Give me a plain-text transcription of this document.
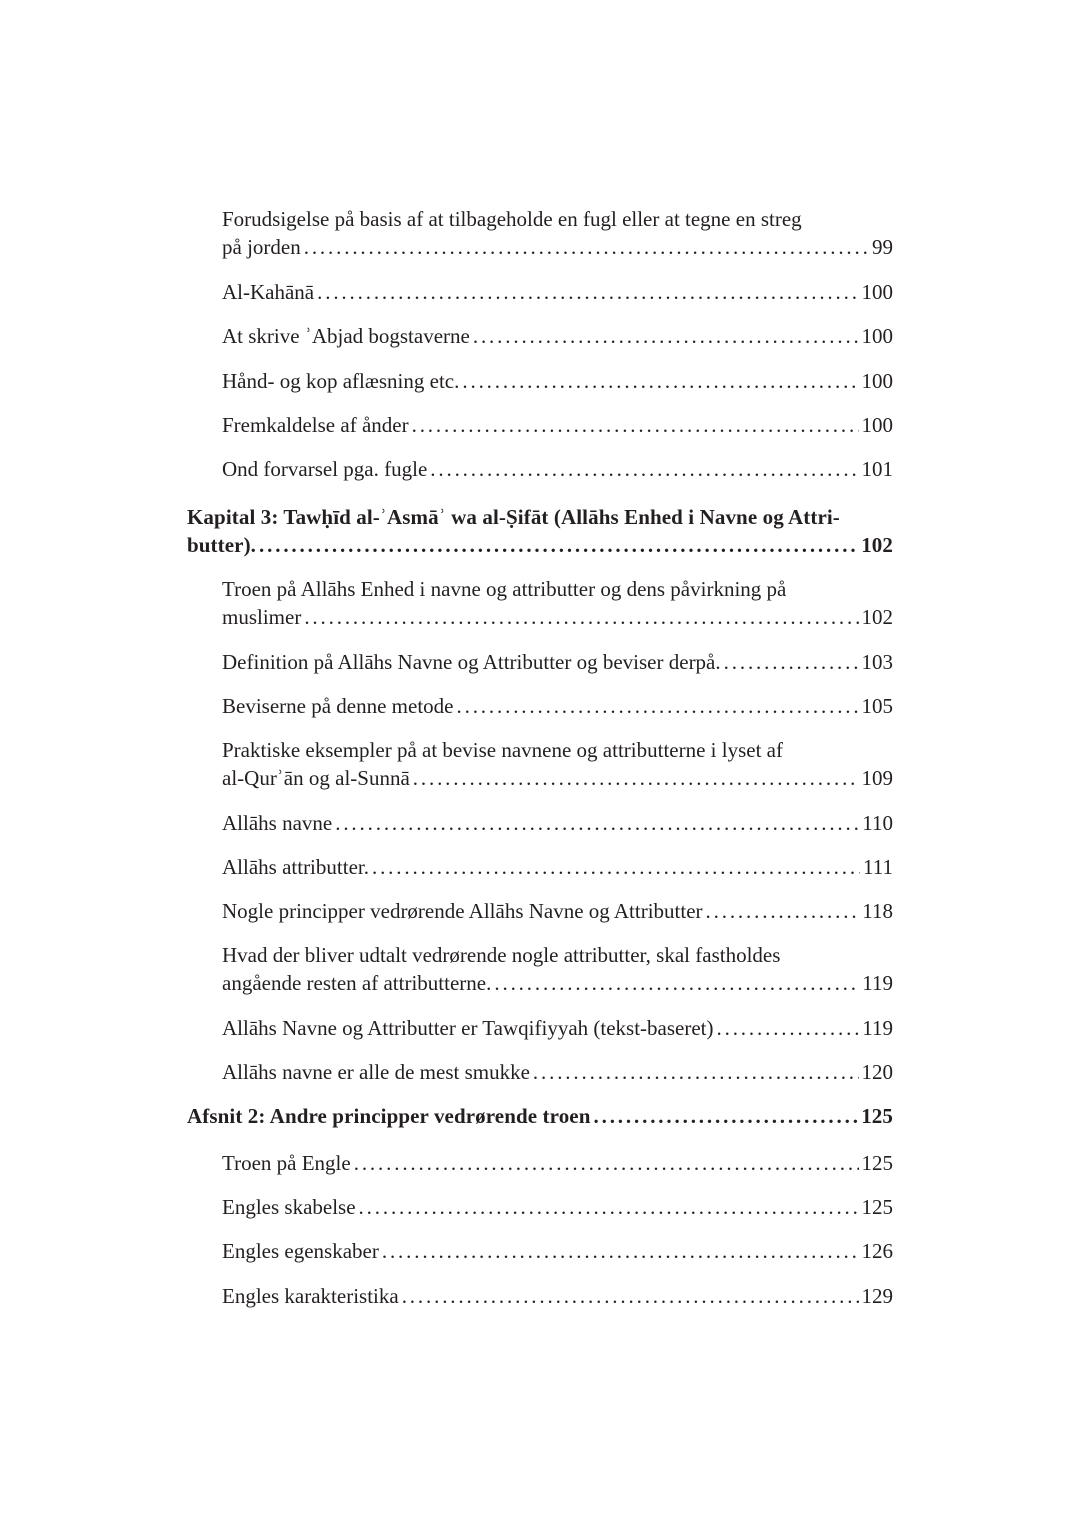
Forudsigelse på basis af at tilbageholde en fugl eller at tegne en streg
på jorden . . .	99
Al-Kahānā . . .	100
At skrive ʾAbjad bogstaverne . . .	100
Hånd- og kop aflæsning etc. . . .	100
Fremkaldelse af ånder . . .	100
Ond forvarsel pga. fugle . . .	101
Kapital 3: Tawḥīd al-ʾAsmāʾ wa al-Ṣifāt (Allāhs Enhed i Navne og Attri-
butter). . . .	102
Troen på Allāhs Enhed i navne og attributter og dens påvirkning på
muslimer . . .	102
Definition på Allāhs Navne og Attributter og beviser derpå. . . .	103
Beviserne på denne metode . . .	105
Praktiske eksempler på at bevise navnene og attributterne i lyset af
al-Qurʾān og al-Sunnā . . .	109
Allāhs navne . . .	110
Allāhs attributter. . . .	111
Nogle principper vedrørende Allāhs Navne og Attributter . . .	118
Hvad der bliver udtalt vedrørende nogle attributter, skal fastholdes
angående resten af attributterne. . . .	119
Allāhs Navne og Attributter er Tawqifiyyah (tekst-baseret) . . .	119
Allāhs navne er alle de mest smukke . . .	120
Afsnit 2: Andre principper vedrørende troen . . .	125
Troen på Engle . . .	125
Engles skabelse . . .	125
Engles egenskaber . . .	126
Engles karakteristika . . .	129
